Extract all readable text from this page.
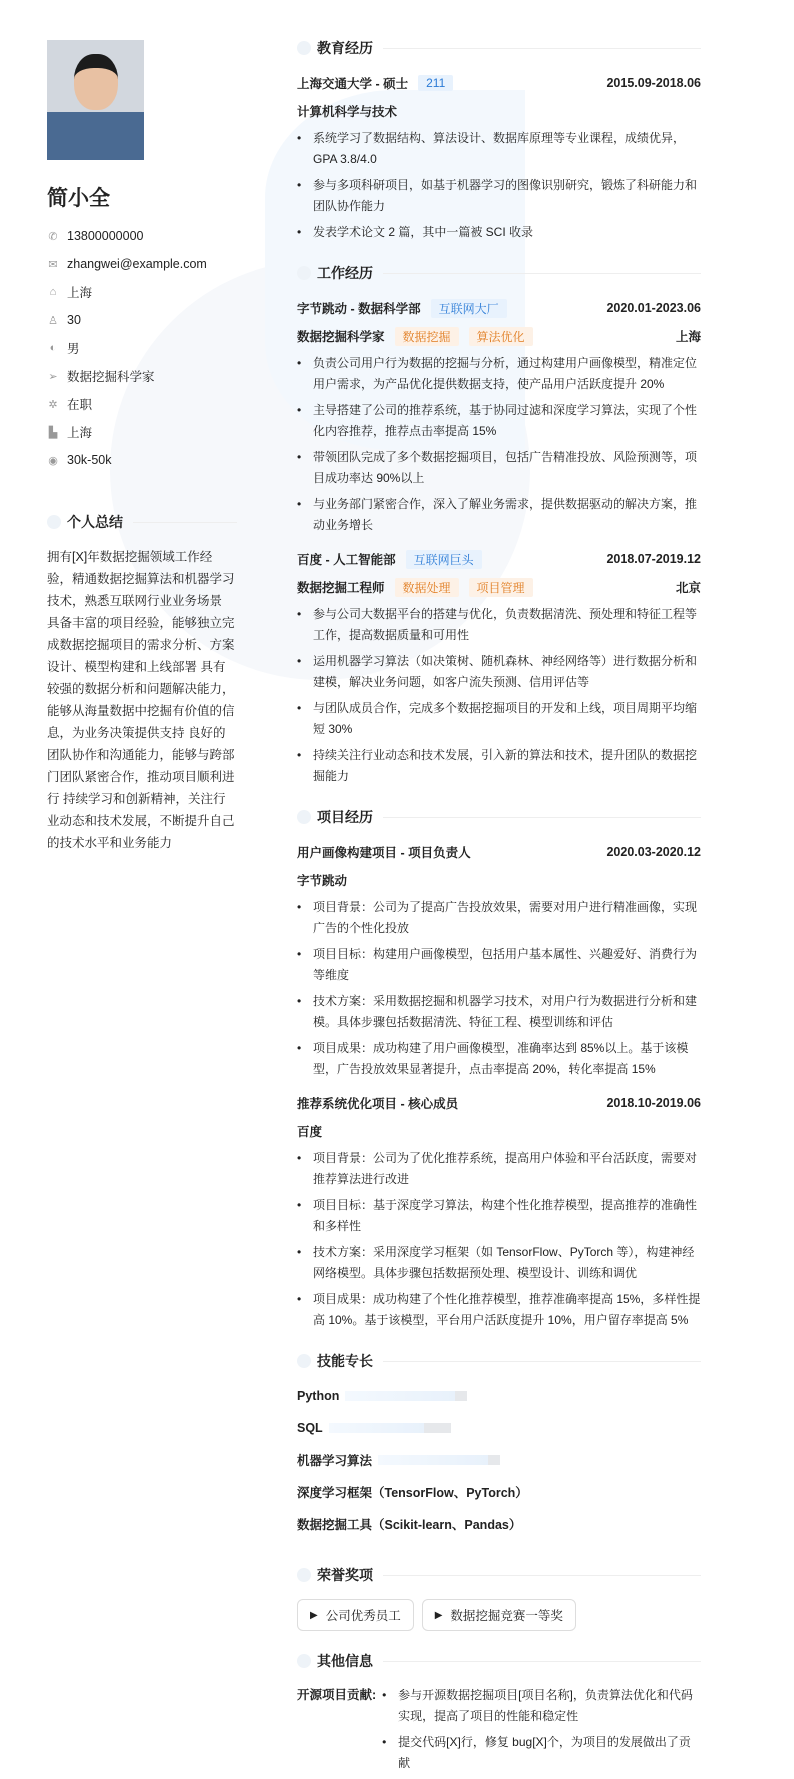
简小全
✆ 13800000000
✉ zhangwei@example.com
⌂ 上海
♙ 30
◐ 男
➢ 数据挖掘科学家
✲ 在职
▙ 上海
◉ 30k-50k
个人总结

拥有[X]年数据挖掘领域工作经验，精通数据挖掘算法和机器学习技术，熟悉互联网行业业务场景 具备丰富的项目经验，能够独立完成数据挖掘项目的需求分析、方案设计、模型构建和上线部署 具有较强的数据分析和问题解决能力，能够从海量数据中挖掘有价值的信息，为业务决策提供支持 良好的团队协作和沟通能力，能够与跨部门团队紧密合作，推动项目顺利进行 持续学习和创新精神，关注行业动态和技术发展，不断提升自己的技术水平和业务能力

教育经历
上海交通大学 - 硕士	211	2015.09-2018.06
计算机科学与技术
• 系统学习了数据结构、算法设计、数据库原理等专业课程，成绩优异，GPA 3.8/4.0
• 参与多项科研项目，如基于机器学习的图像识别研究，锻炼了科研能力和团队协作能力
• 发表学术论文 2 篇，其中一篇被 SCI 收录
工作经历
字节跳动 - 数据科学部	互联网大厂	2020.01-2023.06
数据挖掘科学家	数据挖掘	算法优化	上海
• 负责公司用户行为数据的挖掘与分析，通过构建用户画像模型，精准定位用户需求，为产品优化提供数据支持，使产品用户活跃度提升 20%
• 主导搭建了公司的推荐系统，基于协同过滤和深度学习算法，实现了个性化内容推荐，推荐点击率提高 15%
• 带领团队完成了多个数据挖掘项目，包括广告精准投放、风险预测等，项目成功率达 90%以上
• 与业务部门紧密合作，深入了解业务需求，提供数据驱动的解决方案，推动业务增长
百度 - 人工智能部	互联网巨头	2018.07-2019.12
数据挖掘工程师	数据处理	项目管理	北京
• 参与公司大数据平台的搭建与优化，负责数据清洗、预处理和特征工程等工作，提高数据质量和可用性
• 运用机器学习算法（如决策树、随机森林、神经网络等）进行数据分析和建模，解决业务问题，如客户流失预测、信用评估等
• 与团队成员合作，完成多个数据挖掘项目的开发和上线，项目周期平均缩短 30%
• 持续关注行业动态和技术发展，引入新的算法和技术，提升团队的数据挖掘能力
项目经历
用户画像构建项目 - 项目负责人	2020.03-2020.12
字节跳动
• 项目背景：公司为了提高广告投放效果，需要对用户进行精准画像，实现广告的个性化投放
• 项目目标：构建用户画像模型，包括用户基本属性、兴趣爱好、消费行为等维度
• 技术方案：采用数据挖掘和机器学习技术，对用户行为数据进行分析和建模。具体步骤包括数据清洗、特征工程、模型训练和评估
• 项目成果：成功构建了用户画像模型，准确率达到 85%以上。基于该模型，广告投放效果显著提升，点击率提高 20%，转化率提高 15%
推荐系统优化项目 - 核心成员	2018.10-2019.06
百度
• 项目背景：公司为了优化推荐系统，提高用户体验和平台活跃度，需要对推荐算法进行改进
• 项目目标：基于深度学习算法，构建个性化推荐模型，提高推荐的准确性和多样性
• 技术方案：采用深度学习框架（如 TensorFlow、PyTorch 等），构建神经网络模型。具体步骤包括数据预处理、模型设计、训练和调优
• 项目成果：成功构建了个性化推荐模型，推荐准确率提高 15%，多样性提高 10%。基于该模型，平台用户活跃度提升 10%，用户留存率提高 5%
技能专长
Python
SQL
机器学习算法
深度学习框架（TensorFlow、PyTorch）
数据挖掘工具（Scikit-learn、Pandas）
荣誉奖项
▶ 公司优秀员工	▶ 数据挖掘竞赛一等奖
其他信息
开源项目贡献:	• 参与开源数据挖掘项目[项目名称]，负责算法优化和代码实现，提高了项目的性能和稳定性
• 提交代码[X]行，修复 bug[X]个，为项目的发展做出了贡献
